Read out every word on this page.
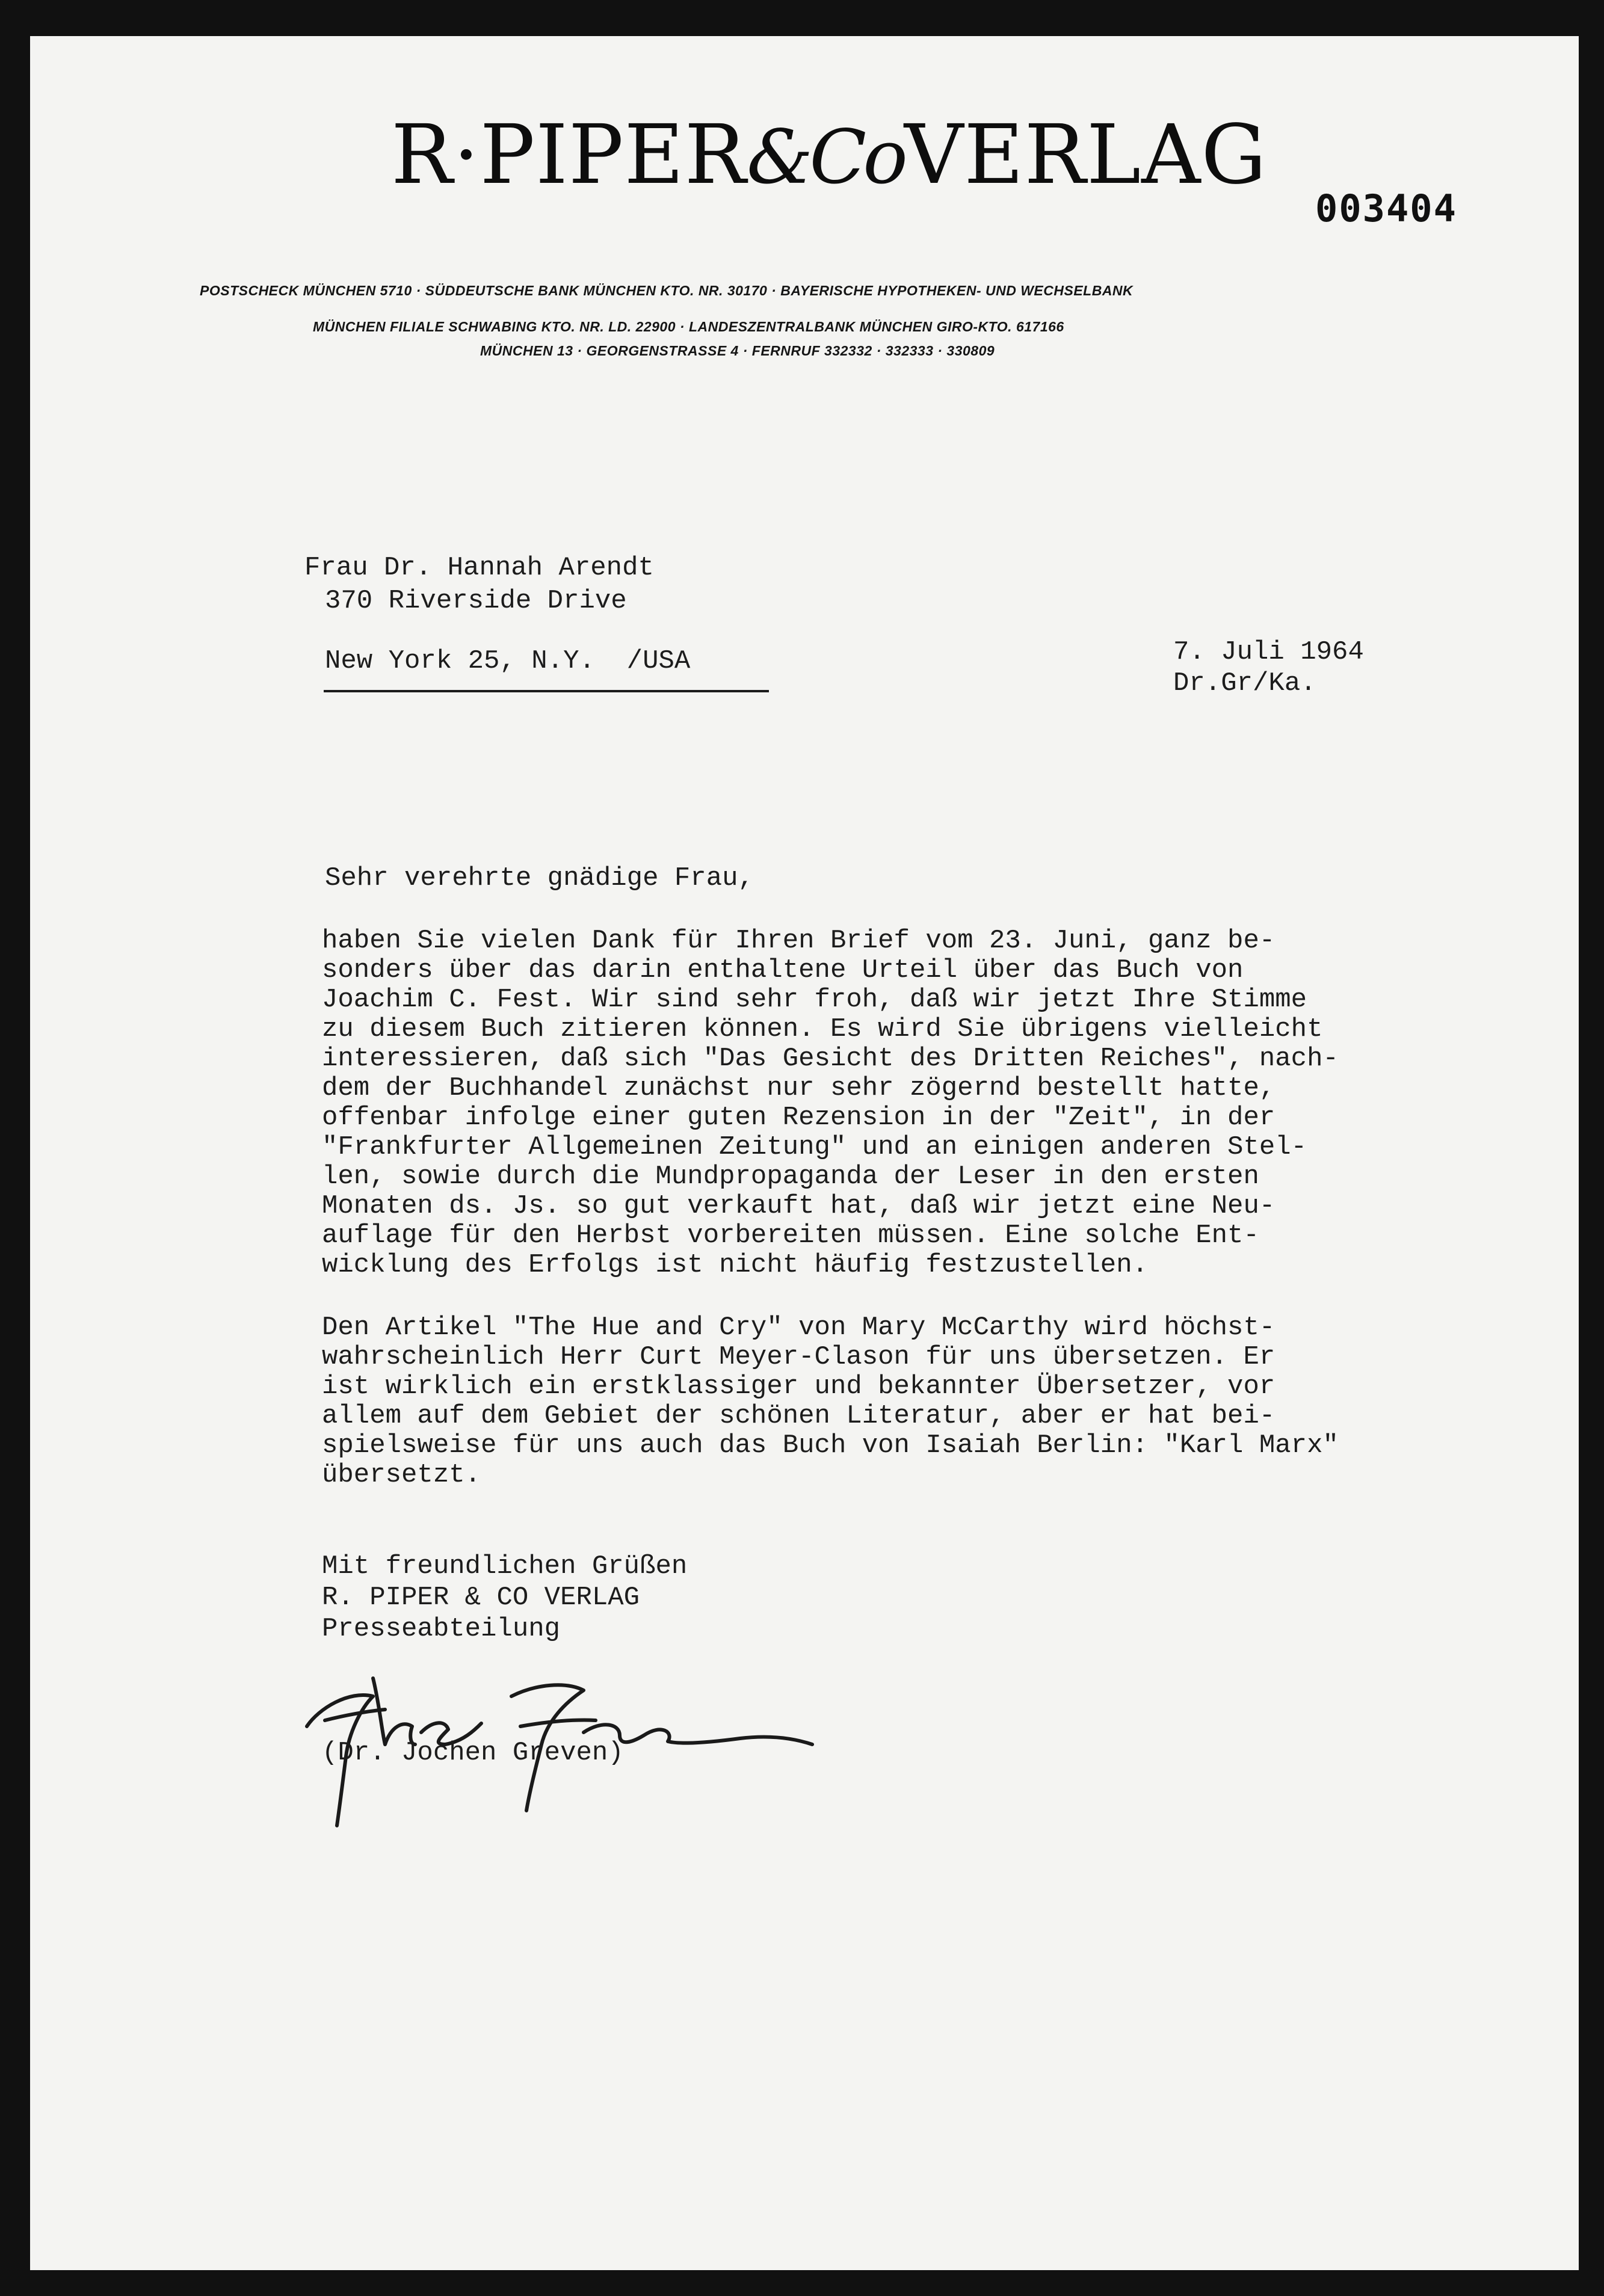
R·PIPER&CoVERLAG
003404
POSTSCHECK MÜNCHEN 5710 · SÜDDEUTSCHE BANK MÜNCHEN KTO. NR. 30170 · BAYERISCHE HYPOTHEKEN- UND WECHSELBANK
MÜNCHEN FILIALE SCHWABING KTO. NR. LD. 22900 · LANDESZENTRALBANK MÜNCHEN GIRO-KTO. 617166
MÜNCHEN 13 · GEORGENSTRASSE 4 · FERNRUF 332332 · 332333 · 330809
Frau Dr. Hannah Arendt
370 Riverside Drive
New York 25, N.Y.  /USA	7. Juli 1964
Dr.Gr/Ka.
Sehr verehrte gnädige Frau,
haben Sie vielen Dank für Ihren Brief vom 23. Juni, ganz be-
sonders über das darin enthaltene Urteil über das Buch von
Joachim C. Fest. Wir sind sehr froh, daß wir jetzt Ihre Stimme
zu diesem Buch zitieren können. Es wird Sie übrigens vielleicht
interessieren, daß sich "Das Gesicht des Dritten Reiches", nach-
dem der Buchhandel zunächst nur sehr zögernd bestellt hatte,
offenbar infolge einer guten Rezension in der "Zeit", in der
"Frankfurter Allgemeinen Zeitung" und an einigen anderen Stel-
len, sowie durch die Mundpropaganda der Leser in den ersten
Monaten ds. Js. so gut verkauft hat, daß wir jetzt eine Neu-
auflage für den Herbst vorbereiten müssen. Eine solche Ent-
wicklung des Erfolgs ist nicht häufig festzustellen.
Den Artikel "The Hue and Cry" von Mary McCarthy wird höchst-
wahrscheinlich Herr Curt Meyer-Clason für uns übersetzen. Er
ist wirklich ein erstklassiger und bekannter Übersetzer, vor
allem auf dem Gebiet der schönen Literatur, aber er hat bei-
spielsweise für uns auch das Buch von Isaiah Berlin: "Karl Marx"
übersetzt.
Mit freundlichen Grüßen
R. PIPER & CO VERLAG
Presseabteilung
(Dr. Jochen Greven)
